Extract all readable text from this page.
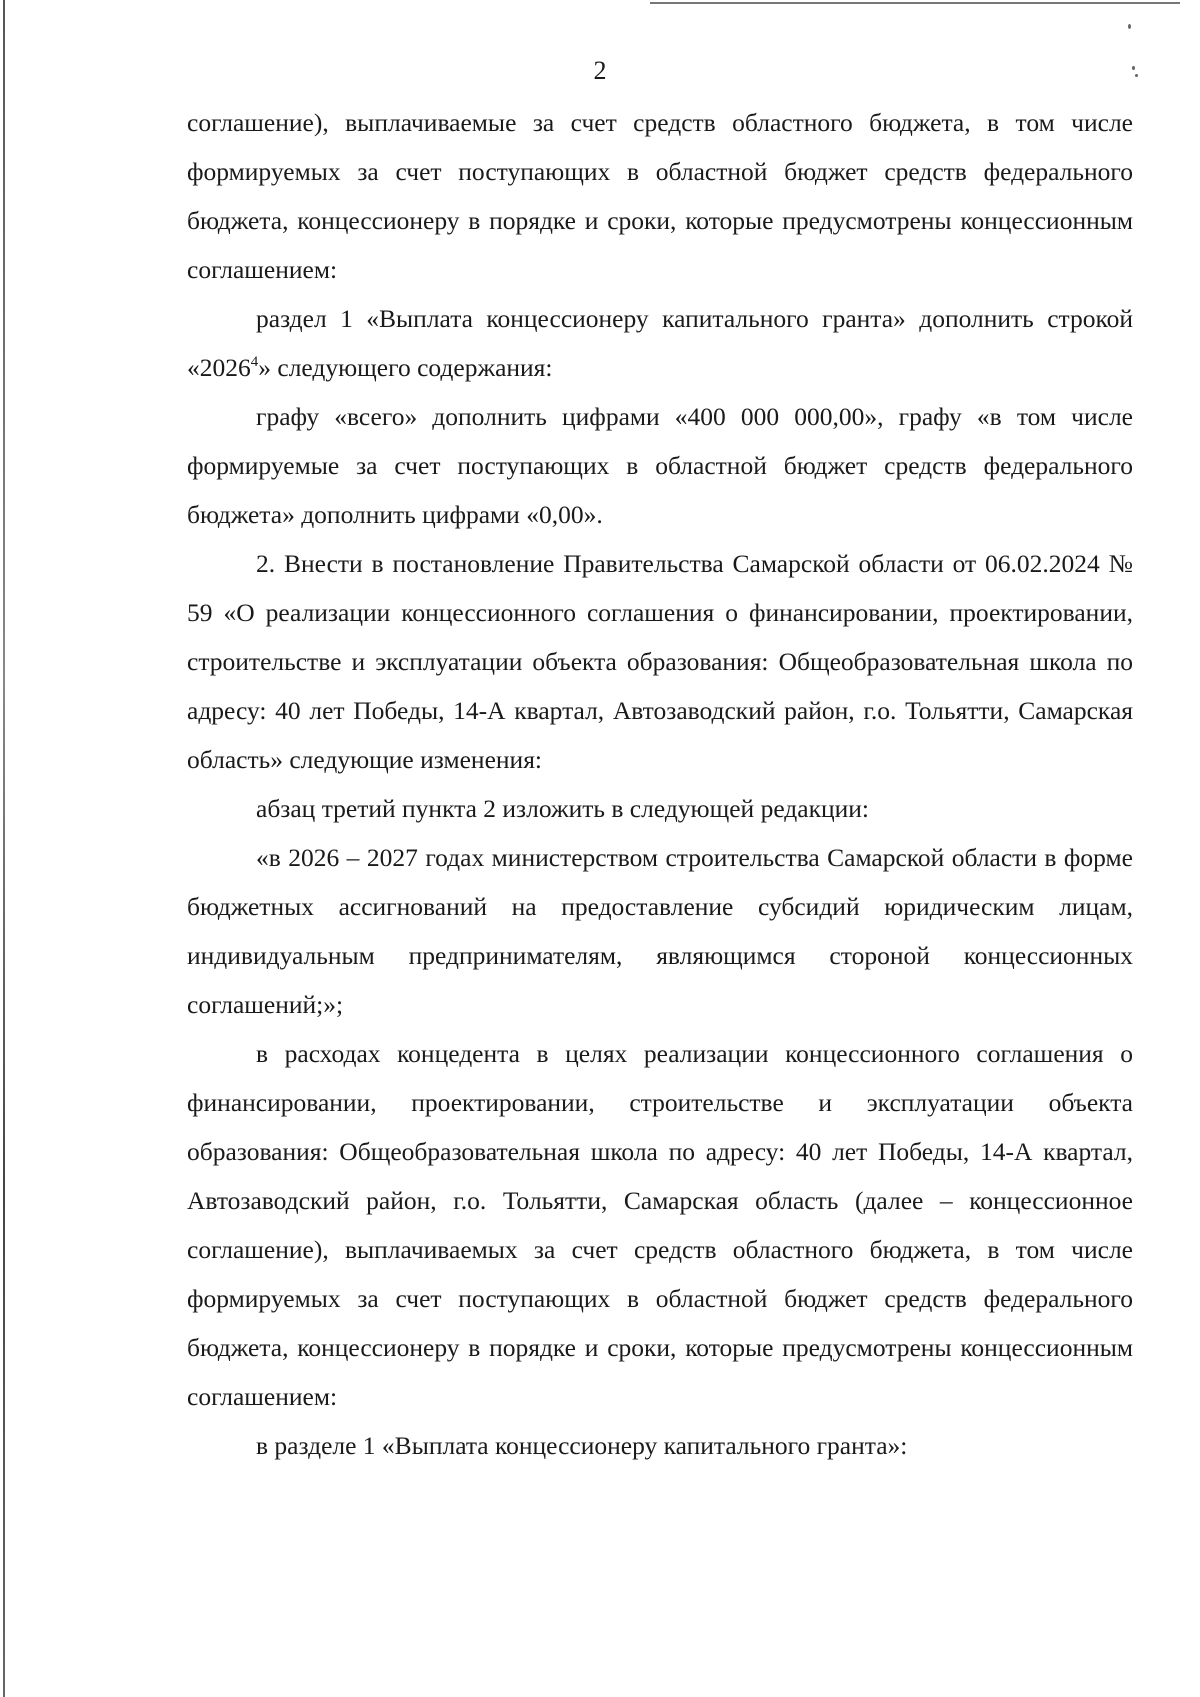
2

соглашение), выплачиваемые за счет средств областного бюджета, в том числе формируемых за счет поступающих в областной бюджет средств федерального бюджета, концессионеру в порядке и сроки, которые предусмотрены концессионным соглашением:

раздел 1 «Выплата концессионеру капитального гранта» дополнить строкой «2026$^4$» следующего содержания:

графу «всего» дополнить цифрами «400 000 000,00», графу «в том числе формируемые за счет поступающих в областной бюджет средств федерального бюджета» дополнить цифрами «0,00».

2. Внести в постановление Правительства Самарской области от 06.02.2024 № 59 «О реализации концессионного соглашения о финансировании, проектировании, строительстве и эксплуатации объекта образования: Общеобразовательная школа по адресу: 40 лет Победы, 14-А квартал, Автозаводский район, г.о. Тольятти, Самарская область» следующие изменения:

абзац третий пункта 2 изложить в следующей редакции:

«в 2026 – 2027 годах министерством строительства Самарской области в форме бюджетных ассигнований на предоставление субсидий юридическим лицам, индивидуальным предпринимателям, являющимся стороной концессионных соглашений;»;

в расходах концедента в целях реализации концессионного соглашения о финансировании, проектировании, строительстве и эксплуатации объекта образования: Общеобразовательная школа по адресу: 40 лет Победы, 14-А квартал, Автозаводский район, г.о. Тольятти, Самарская область (далее – концессионное соглашение), выплачиваемых за счет средств областного бюджета, в том числе формируемых за счет поступающих в областной бюджет средств федерального бюджета, концессионеру в порядке и сроки, которые предусмотрены концессионным соглашением:

в разделе 1 «Выплата концессионеру капитального гранта»:
